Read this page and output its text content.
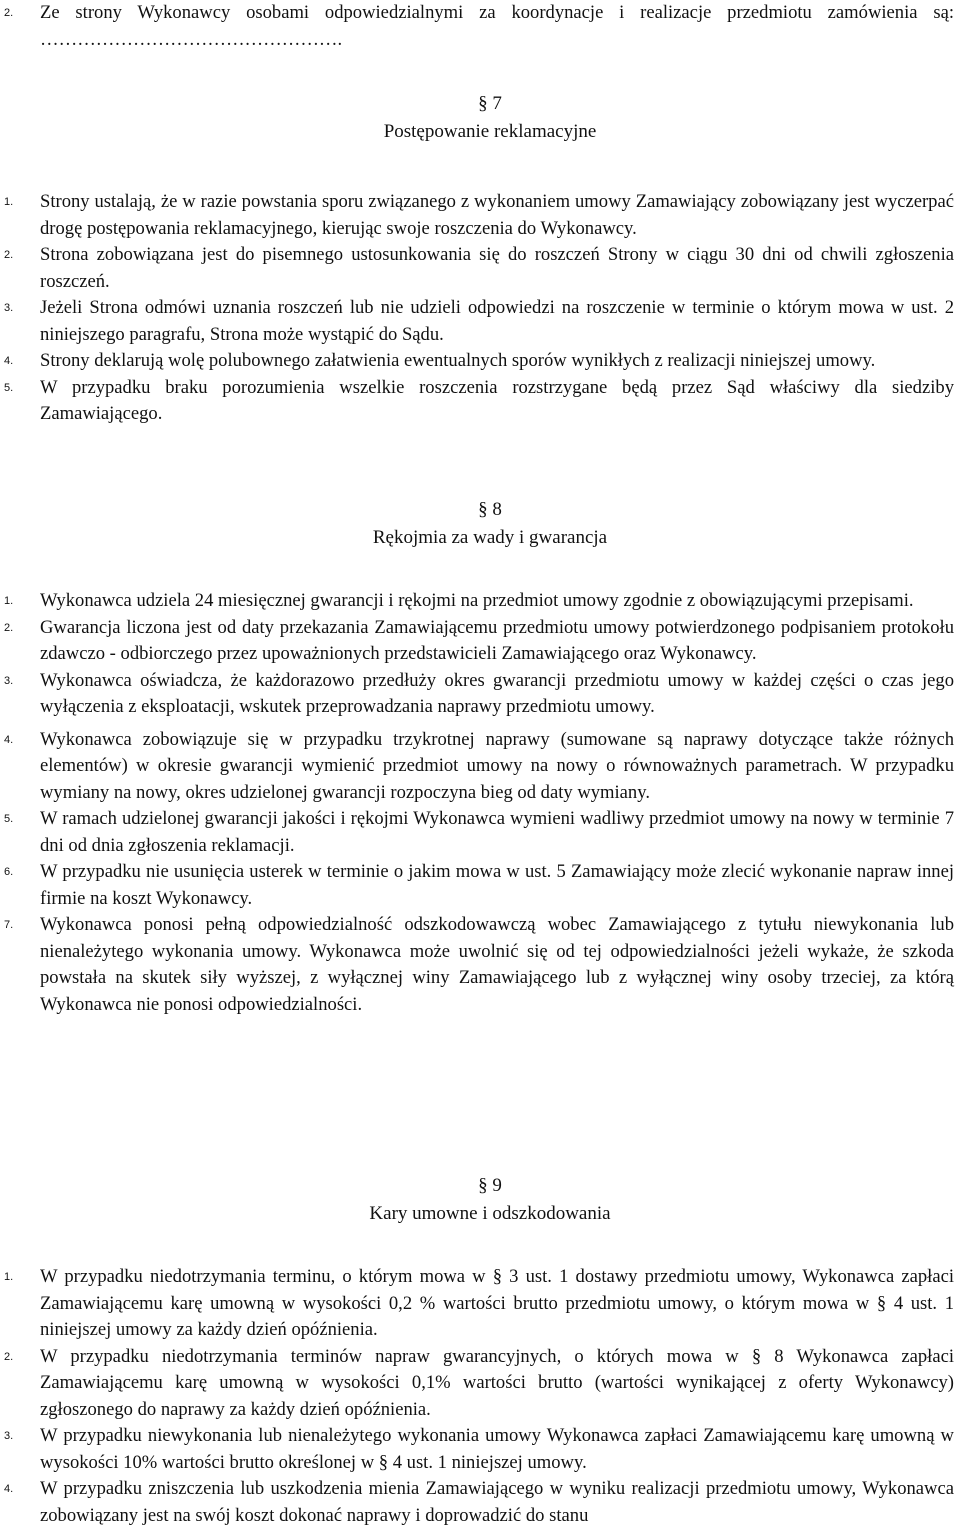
2. Ze strony Wykonawcy osobami odpowiedzialnymi za koordynacje i realizacje przedmiotu zamówienia są: ………………………………………….
§ 7
Postępowanie reklamacyjne
1. Strony ustalają, że w razie powstania sporu związanego z wykonaniem umowy Zamawiający zobowiązany jest wyczerpać drogę postępowania reklamacyjnego, kierując swoje roszczenia do Wykonawcy.
2. Strona zobowiązana jest do pisemnego ustosunkowania się do roszczeń Strony w ciągu 30 dni od chwili zgłoszenia roszczeń.
3. Jeżeli Strona odmówi uznania roszczeń lub nie udzieli odpowiedzi na roszczenie w terminie o którym mowa w ust. 2 niniejszego paragrafu, Strona może wystąpić do Sądu.
4. Strony deklarują wolę polubownego załatwienia ewentualnych sporów wynikłych z realizacji niniejszej umowy.
5. W przypadku braku porozumienia wszelkie roszczenia rozstrzygane będą przez Sąd właściwy dla siedziby Zamawiającego.
§ 8
Rękojmia za wady i gwarancja
1. Wykonawca udziela 24 miesięcznej gwarancji i rękojmi na przedmiot umowy zgodnie z obowiązującymi przepisami.
2. Gwarancja liczona jest od daty przekazania Zamawiającemu przedmiotu umowy potwierdzonego podpisaniem protokołu zdawczo - odbiorczego przez upoważnionych przedstawicieli Zamawiającego oraz Wykonawcy.
3. Wykonawca oświadcza, że każdorazowo przedłuży okres gwarancji przedmiotu umowy w każdej części o czas jego wyłączenia z eksploatacji, wskutek przeprowadzania naprawy przedmiotu umowy.
4. Wykonawca zobowiązuje się w przypadku trzykrotnej naprawy (sumowane są naprawy dotyczące także różnych elementów) w okresie gwarancji wymienić przedmiot umowy na nowy o równoważnych parametrach. W przypadku wymiany na nowy, okres udzielonej gwarancji rozpoczyna bieg od daty wymiany.
5. W ramach udzielonej gwarancji jakości i rękojmi Wykonawca wymieni wadliwy przedmiot umowy na nowy w terminie 7 dni od dnia zgłoszenia reklamacji.
6. W przypadku nie usunięcia usterek w terminie o jakim mowa w ust. 5 Zamawiający może zlecić wykonanie napraw innej firmie na koszt Wykonawcy.
7. Wykonawca ponosi pełną odpowiedzialność odszkodowawczą wobec Zamawiającego z tytułu niewykonania lub nienależytego wykonania umowy. Wykonawca może uwolnić się od tej odpowiedzialności jeżeli wykaże, że szkoda powstała na skutek siły wyższej, z wyłącznej winy Zamawiającego lub z wyłącznej winy osoby trzeciej, za którą Wykonawca nie ponosi odpowiedzialności.
§ 9
Kary umowne i odszkodowania
1. W przypadku niedotrzymania terminu, o którym mowa w § 3 ust. 1 dostawy przedmiotu umowy, Wykonawca zapłaci Zamawiającemu karę umowną w wysokości 0,2 % wartości brutto przedmiotu umowy, o którym mowa w § 4 ust. 1 niniejszej umowy za każdy dzień opóźnienia.
2. W przypadku niedotrzymania terminów napraw gwarancyjnych, o których mowa w § 8 Wykonawca zapłaci Zamawiającemu karę umowną w wysokości 0,1% wartości brutto (wartości wynikającej z oferty Wykonawcy) zgłoszonego do naprawy za każdy dzień opóźnienia.
3. W przypadku niewykonania lub nienależytego wykonania umowy Wykonawca zapłaci Zamawiającemu karę umowną w wysokości 10% wartości brutto określonej w § 4 ust. 1 niniejszej umowy.
4. W przypadku zniszczenia lub uszkodzenia mienia Zamawiającego w wyniku realizacji przedmiotu umowy, Wykonawca zobowiązany jest na swój koszt dokonać naprawy i doprowadzić do stanu
